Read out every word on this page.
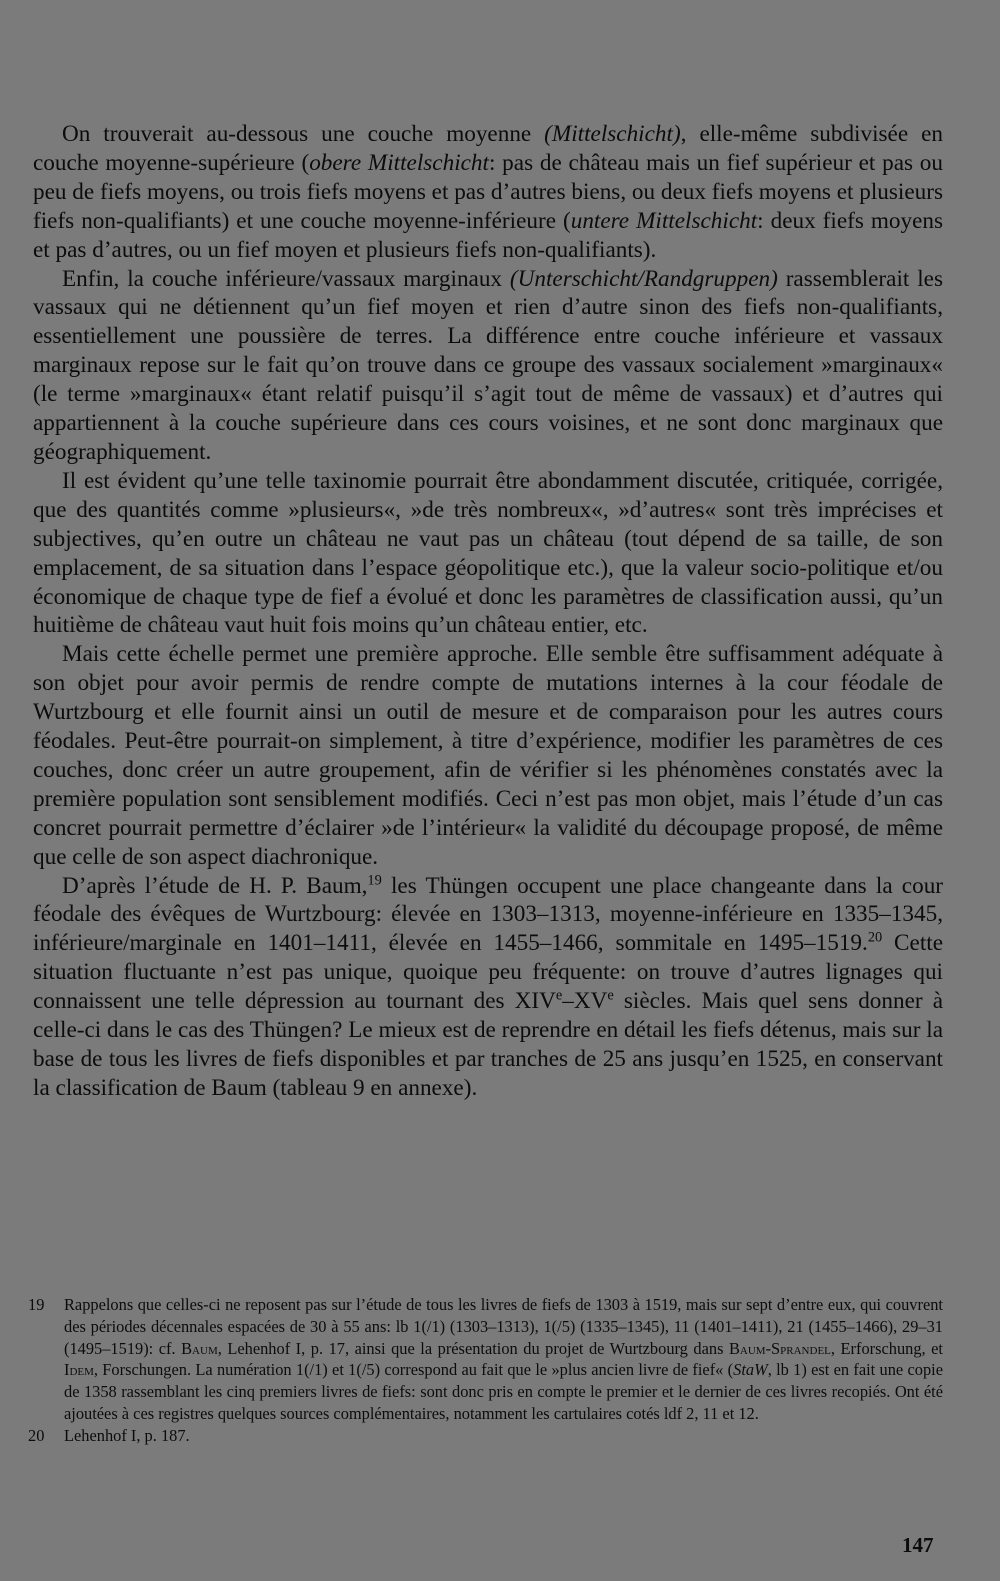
On trouverait au-dessous une couche moyenne (Mittelschicht), elle-même subdivisée en couche moyenne-supérieure (obere Mittelschicht: pas de château mais un fief supérieur et pas ou peu de fiefs moyens, ou trois fiefs moyens et pas d’autres biens, ou deux fiefs moyens et plusieurs fiefs non-qualifiants) et une couche moyenne-inférieure (untere Mittelschicht: deux fiefs moyens et pas d’autres, ou un fief moyen et plusieurs fiefs non-qualifiants).

Enfin, la couche inférieure/vassaux marginaux (Unterschicht/Randgruppen) rassemblerait les vassaux qui ne détiennent qu’un fief moyen et rien d’autre sinon des fiefs non-qualifiants, essentiellement une poussière de terres. La différence entre couche inférieure et vassaux marginaux repose sur le fait qu’on trouve dans ce groupe des vassaux socialement »marginaux« (le terme »marginaux« étant relatif puisqu’il s’agit tout de même de vassaux) et d’autres qui appartiennent à la couche supérieure dans ces cours voisines, et ne sont donc marginaux que géographiquement.

Il est évident qu’une telle taxinomie pourrait être abondamment discutée, critiquée, corrigée, que des quantités comme »plusieurs«, »de très nombreux«, »d’autres« sont très imprécises et subjectives, qu’en outre un château ne vaut pas un château (tout dépend de sa taille, de son emplacement, de sa situation dans l’espace géopolitique etc.), que la valeur socio-politique et/ou économique de chaque type de fief a évolué et donc les paramètres de classification aussi, qu’un huitième de château vaut huit fois moins qu’un château entier, etc.

Mais cette échelle permet une première approche. Elle semble être suffisamment adéquate à son objet pour avoir permis de rendre compte de mutations internes à la cour féodale de Wurtzbourg et elle fournit ainsi un outil de mesure et de comparaison pour les autres cours féodales. Peut-être pourrait-on simplement, à titre d’expérience, modifier les paramètres de ces couches, donc créer un autre groupement, afin de vérifier si les phénomènes constatés avec la première population sont sensiblement modifiés. Ceci n’est pas mon objet, mais l’étude d’un cas concret pourrait permettre d’éclairer »de l’intérieur« la validité du découpage proposé, de même que celle de son aspect diachronique.

D’après l’étude de H. P. Baum,$^{19}$ les Thüngen occupent une place changeante dans la cour féodale des évêques de Wurtzbourg: élevée en 1303–1313, moyenne-inférieure en 1335–1345, inférieure/marginale en 1401–1411, élevée en 1455–1466, sommitale en 1495–1519.20 Cette situation fluctuante n’est pas unique, quoique peu fréquente: on trouve d’autres lignages qui connaissent une telle dépression au tournant des XIVe–XVe siècles. Mais quel sens donner à celle-ci dans le cas des Thüngen? Le mieux est de reprendre en détail les fiefs détenus, mais sur la base de tous les livres de fiefs disponibles et par tranches de 25 ans jusqu’en 1525, en conservant la classification de Baum (tableau 9 en annexe).

19	Rappelons que celles-ci ne reposent pas sur l’étude de tous les livres de fiefs de 1303 à 1519, mais sur sept d’entre eux, qui couvrent des périodes décennales espacées de 30 à 55 ans: lb 1(/1) (1303–1313), 1(/5) (1335–1345), 11 (1401–1411), 21 (1455–1466), 29–31 (1495–1519): cf. Baum, Lehenhof I, p. 17, ainsi que la présentation du projet de Wurtzbourg dans Baum-Sprandel, Erforschung, et Idem, Forschungen. La numération 1(/1) et 1(/5) correspond au fait que le »plus ancien livre de fief« (StaW, lb 1) est en fait une copie de 1358 rassemblant les cinq premiers livres de fiefs: sont donc pris en compte le premier et le dernier de ces livres recopiés. Ont été ajoutées à ces registres quelques sources complémentaires, notamment les cartulaires cotés ldf 2, 11 et 12.
20	Lehenhof I, p. 187.
147
